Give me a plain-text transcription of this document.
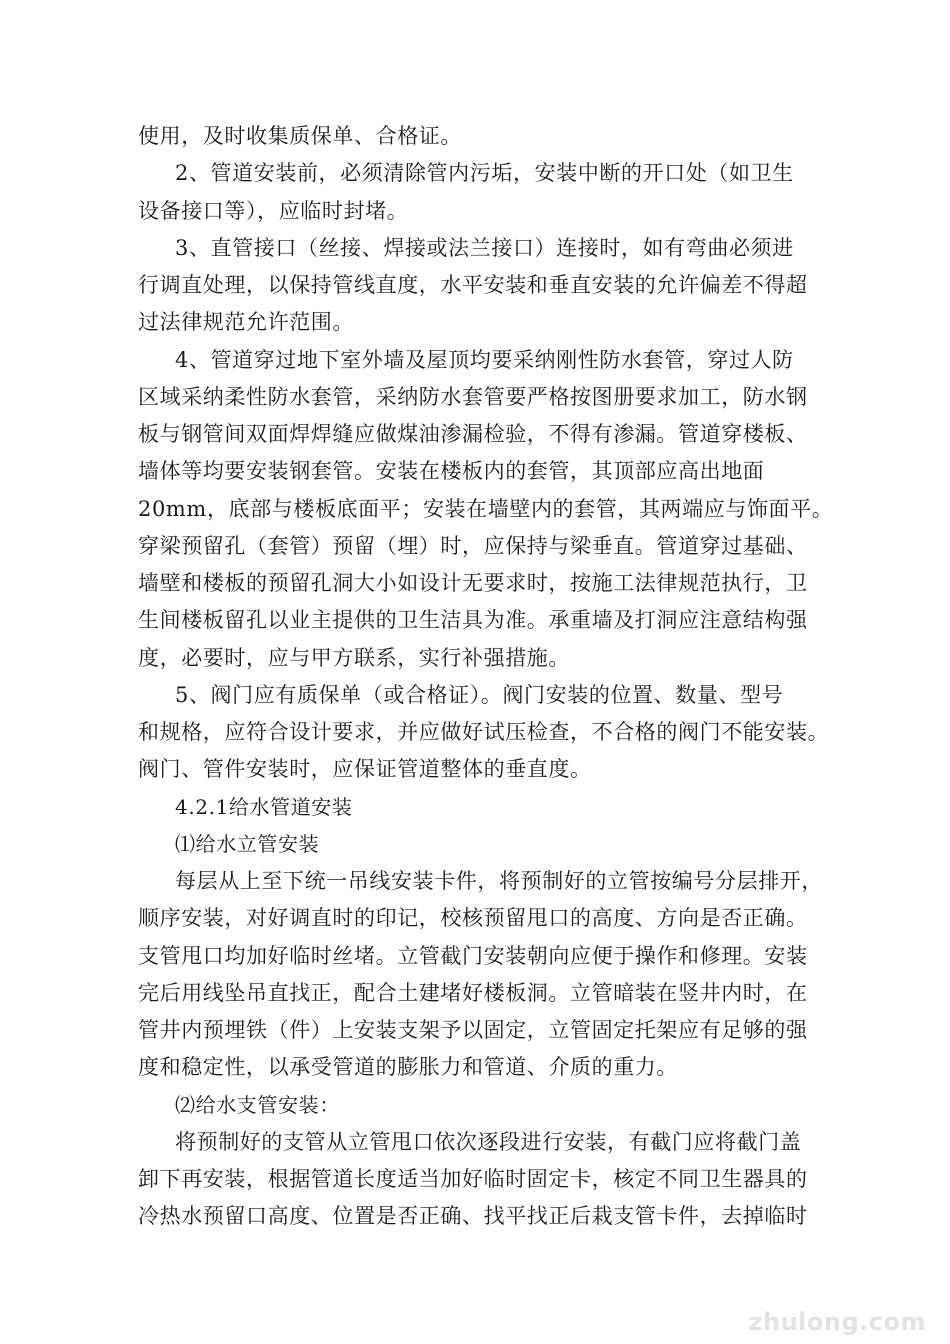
使用，及时收集质保单、合格证。
2、管道安装前，必须清除管内污垢，安装中断的开口处（如卫生
设备接口等），应临时封堵。
3、直管接口（丝接、焊接或法兰接口）连接时，如有弯曲必须进
行调直处理，以保持管线直度，水平安装和垂直安装的允许偏差不得超
过法律规范允许范围。
4、管道穿过地下室外墙及屋顶均要采纳刚性防水套管，穿过人防
区域采纳柔性防水套管，采纳防水套管要严格按图册要求加工，防水钢
板与钢管间双面焊焊缝应做煤油渗漏检验，不得有渗漏。管道穿楼板、
墙体等均要安装钢套管。安装在楼板内的套管，其顶部应高出地面
20mm，底部与楼板底面平；安装在墙壁内的套管，其两端应与饰面平。
穿梁预留孔（套管）预留（埋）时，应保持与梁垂直。管道穿过基础、
墙壁和楼板的预留孔洞大小如设计无要求时，按施工法律规范执行，卫
生间楼板留孔以业主提供的卫生洁具为准。承重墙及打洞应注意结构强
度，必要时，应与甲方联系，实行补强措施。
5、阀门应有质保单（或合格证）。阀门安装的位置、数量、型号
和规格，应符合设计要求，并应做好试压检查，不合格的阀门不能安装。
阀门、管件安装时，应保证管道整体的垂直度。
4.2.1给水管道安装
⑴给水立管安装
每层从上至下统一吊线安装卡件，将预制好的立管按编号分层排开，
顺序安装，对好调直时的印记，校核预留甩口的高度、方向是否正确。
支管甩口均加好临时丝堵。立管截门安装朝向应便于操作和修理。安装
完后用线坠吊直找正，配合土建堵好楼板洞。立管暗装在竖井内时，在
管井内预埋铁（件）上安装支架予以固定，立管固定托架应有足够的强
度和稳定性，以承受管道的膨胀力和管道、介质的重力。
⑵给水支管安装：
将预制好的支管从立管甩口依次逐段进行安装，有截门应将截门盖
卸下再安装，根据管道长度适当加好临时固定卡，核定不同卫生器具的
冷热水预留口高度、位置是否正确、找平找正后栽支管卡件，去掉临时
zhulong.com
